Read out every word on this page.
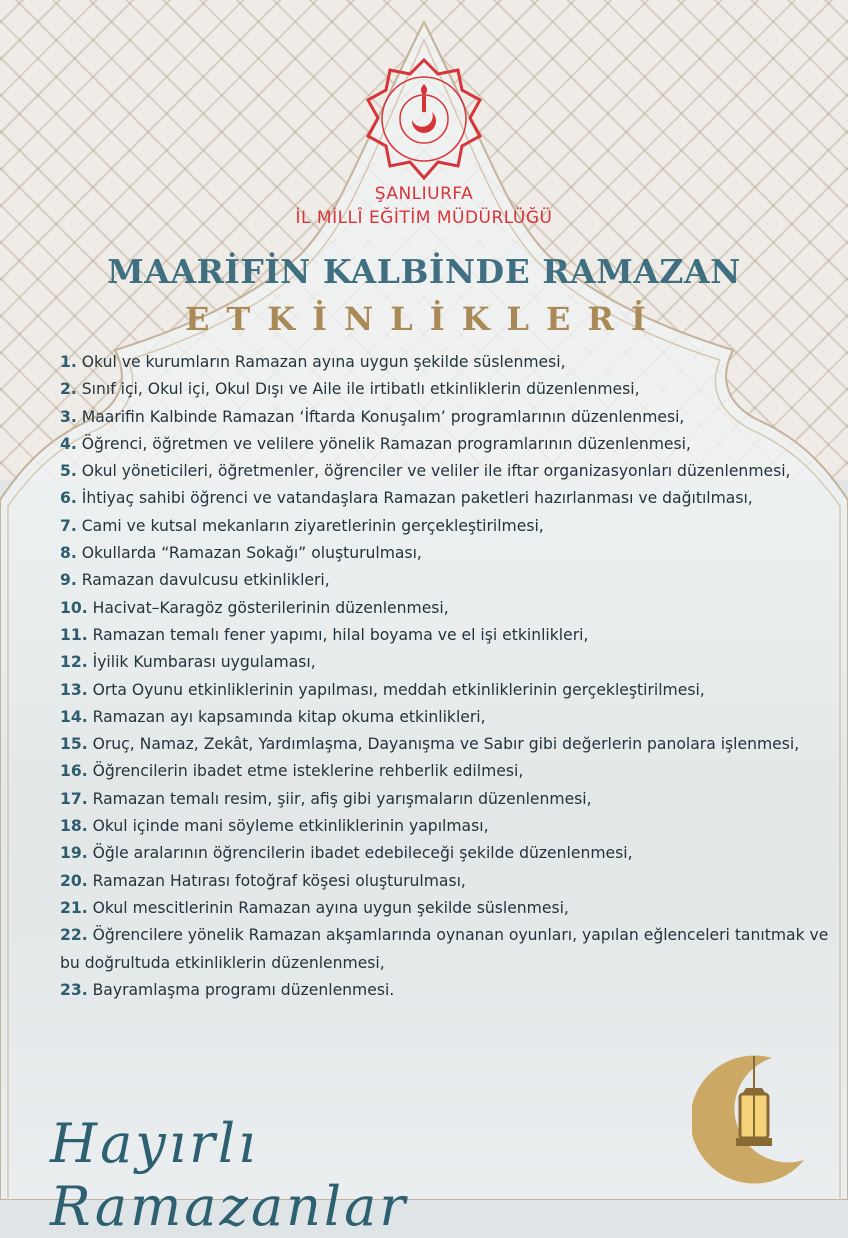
ŞANLIURFA
İL MİLLÎ EĞİTİM MÜDÜRLÜĞÜ
MAARİFİN KALBİNDE RAMAZAN
ETKİNLİKLERİ
1. Okul ve kurumların Ramazan ayına uygun şekilde süslenmesi,
2. Sınıf içi, Okul içi, Okul Dışı ve Aile ile irtibatlı etkinliklerin düzenlenmesi,
3. Maarifin Kalbinde Ramazan ‘İftarda Konuşalım’ programlarının düzenlenmesi,
4. Öğrenci, öğretmen ve velilere yönelik Ramazan programlarının düzenlenmesi,
5. Okul yöneticileri, öğretmenler, öğrenciler ve veliler ile iftar organizasyonları düzenlenmesi,
6. İhtiyaç sahibi öğrenci ve vatandaşlara Ramazan paketleri hazırlanması ve dağıtılması,
7. Cami ve kutsal mekanların ziyaretlerinin gerçekleştirilmesi,
8. Okullarda “Ramazan Sokağı” oluşturulması,
9. Ramazan davulcusu etkinlikleri,
10. Hacivat–Karagöz gösterilerinin düzenlenmesi,
11. Ramazan temalı fener yapımı, hilal boyama ve el işi etkinlikleri,
12. İyilik Kumbarası uygulaması,
13. Orta Oyunu etkinliklerinin yapılması, meddah etkinliklerinin gerçekleştirilmesi,
14. Ramazan ayı kapsamında kitap okuma etkinlikleri,
15. Oruç, Namaz, Zekât, Yardımlaşma, Dayanışma ve Sabır gibi değerlerin panolara işlenmesi,
16. Öğrencilerin ibadet etme isteklerine rehberlik edilmesi,
17. Ramazan temalı resim, şiir, afiş gibi yarışmaların düzenlenmesi,
18. Okul içinde mani söyleme etkinliklerinin yapılması,
19. Öğle aralarının öğrencilerin ibadet edebileceği şekilde düzenlenmesi,
20. Ramazan Hatırası fotoğraf köşesi oluşturulması,
21. Okul mescitlerinin Ramazan ayına uygun şekilde süslenmesi,
22. Öğrencilere yönelik Ramazan akşamlarında oynanan oyunları, yapılan eğlenceleri tanıtmak ve bu doğrultuda etkinliklerin düzenlenmesi,
23. Bayramlaşma programı düzenlenmesi.
Hayırlı Ramazanlar
